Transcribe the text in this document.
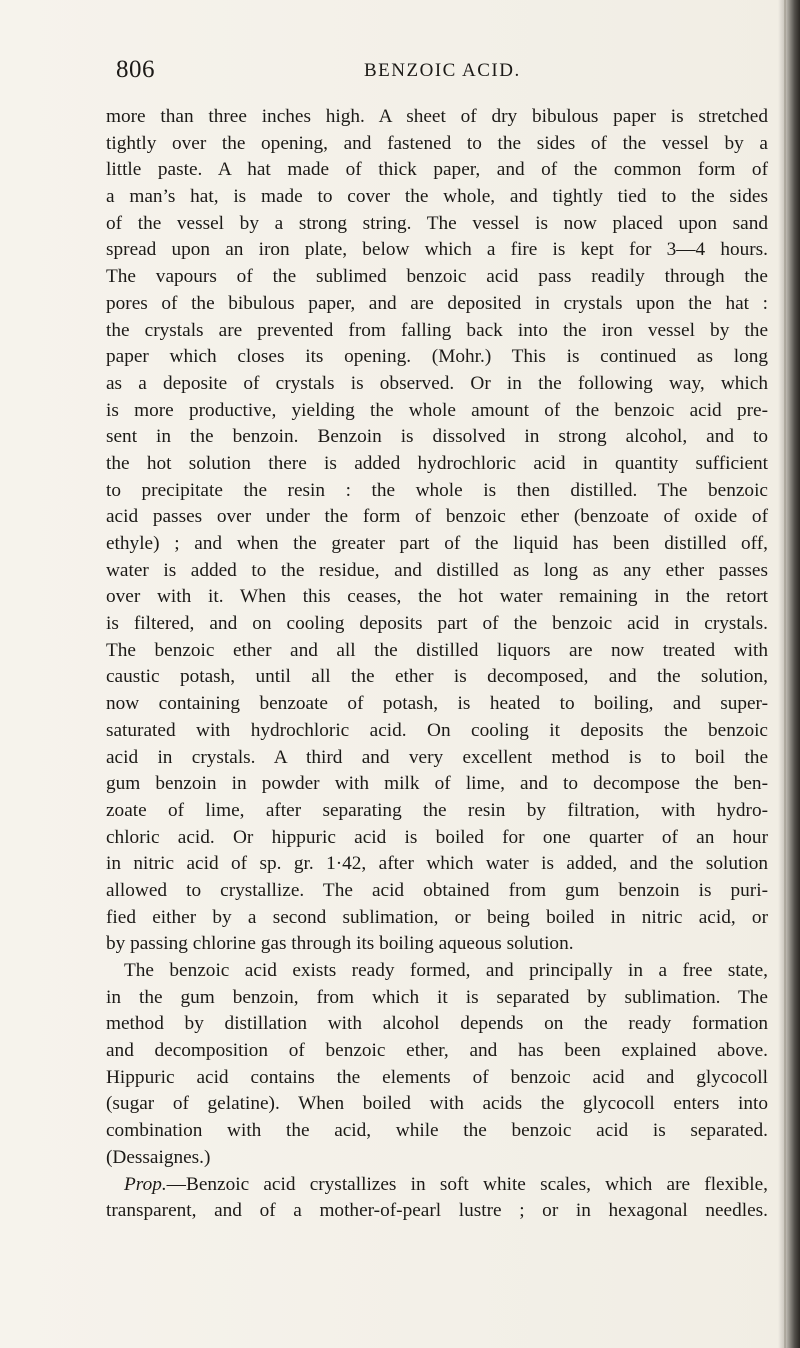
806	BENZOIC ACID.
more than three inches high. A sheet of dry bibulous paper is stretched
tightly over the opening, and fastened to the sides of the vessel by a
little paste. A hat made of thick paper, and of the common form of
a man’s hat, is made to cover the whole, and tightly tied to the sides
of the vessel by a strong string. The vessel is now placed upon sand
spread upon an iron plate, below which a fire is kept for 3—4 hours.
The vapours of the sublimed benzoic acid pass readily through the
pores of the bibulous paper, and are deposited in crystals upon the hat :
the crystals are prevented from falling back into the iron vessel by the
paper which closes its opening. (Mohr.) This is continued as long
as a deposite of crystals is observed. Or in the following way, which
is more productive, yielding the whole amount of the benzoic acid pre-
sent in the benzoin. Benzoin is dissolved in strong alcohol, and to
the hot solution there is added hydrochloric acid in quantity sufficient
to precipitate the resin : the whole is then distilled. The benzoic
acid passes over under the form of benzoic ether (benzoate of oxide of
ethyle) ; and when the greater part of the liquid has been distilled off,
water is added to the residue, and distilled as long as any ether passes
over with it. When this ceases, the hot water remaining in the retort
is filtered, and on cooling deposits part of the benzoic acid in crystals.
The benzoic ether and all the distilled liquors are now treated with
caustic potash, until all the ether is decomposed, and the solution,
now containing benzoate of potash, is heated to boiling, and super-
saturated with hydrochloric acid. On cooling it deposits the benzoic
acid in crystals. A third and very excellent method is to boil the
gum benzoin in powder with milk of lime, and to decompose the ben-
zoate of lime, after separating the resin by filtration, with hydro-
chloric acid. Or hippuric acid is boiled for one quarter of an hour
in nitric acid of sp. gr. 1·42, after which water is added, and the solution
allowed to crystallize. The acid obtained from gum benzoin is puri-
fied either by a second sublimation, or being boiled in nitric acid, or
by passing chlorine gas through its boiling aqueous solution.
The benzoic acid exists ready formed, and principally in a free state,
in the gum benzoin, from which it is separated by sublimation. The
method by distillation with alcohol depends on the ready formation
and decomposition of benzoic ether, and has been explained above.
Hippuric acid contains the elements of benzoic acid and glycocoll
(sugar of gelatine). When boiled with acids the glycocoll enters into
combination with the acid, while the benzoic acid is separated.
(Dessaignes.)
Prop.—Benzoic acid crystallizes in soft white scales, which are flexible,
transparent, and of a mother-of-pearl lustre ; or in hexagonal needles.
